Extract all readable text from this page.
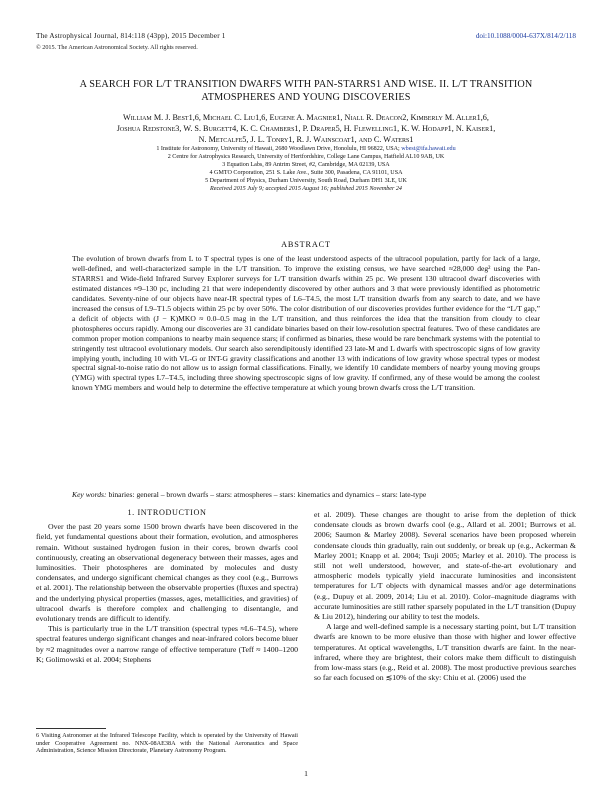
The Astrophysical Journal, 814:118 (43pp), 2015 December 1	doi:10.1088/0004-637X/814/2/118
© 2015. The American Astronomical Society. All rights reserved.
A SEARCH FOR L/T TRANSITION DWARFS WITH PAN-STARRS1 AND WISE. II. L/T TRANSITION
ATMOSPHERES AND YOUNG DISCOVERIES
William M. J. Best1,6, Michael C. Liu1,6, Eugene A. Magnier1, Niall R. Deacon2, Kimberly M. Aller1,6,
Joshua Redstone3, W. S. Burgett4, K. C. Chambers1, P. Draper5, H. Flewelling1, K. W. Hodapp1, N. Kaiser1,
N. Metcalfe5, J. L. Tonry1, R. J. Wainscoat1, and C. Waters1
1 Institute for Astronomy, University of Hawaii, 2680 Woodlawn Drive, Honolulu, HI 96822, USA; wbest@ifa.hawaii.edu
2 Centre for Astrophysics Research, University of Hertfordshire, College Lane Campus, Hatfield AL10 9AB, UK
3 Equation Labs, 89 Antrim Street, #2, Cambridge, MA 02139, USA
4 GMTO Corporation, 251 S. Lake Ave., Suite 300, Pasadena, CA 91101, USA
5 Department of Physics, Durham University, South Road, Durham DH1 3LE, UK
Received 2015 July 9; accepted 2015 August 16; published 2015 November 24
ABSTRACT
The evolution of brown dwarfs from L to T spectral types is one of the least understood aspects of the ultracool population, partly for lack of a large, well-defined, and well-characterized sample in the L/T transition. To improve the existing census, we have searched ≈28,000 deg² using the Pan-STARRS1 and Wide-field Infrared Survey Explorer surveys for L/T transition dwarfs within 25 pc. We present 130 ultracool dwarf discoveries with estimated distances ≈9–130 pc, including 21 that were independently discovered by other authors and 3 that were previously identified as photometric candidates. Seventy-nine of our objects have near-IR spectral types of L6–T4.5, the most L/T transition dwarfs from any search to date, and we have increased the census of L9–T1.5 objects within 25 pc by over 50%. The color distribution of our discoveries provides further evidence for the “L/T gap,” a deficit of objects with (J − K)MKO ≈ 0.0–0.5 mag in the L/T transition, and thus reinforces the idea that the transition from cloudy to clear photospheres occurs rapidly. Among our discoveries are 31 candidate binaries based on their low-resolution spectral features. Two of these candidates are common proper motion companions to nearby main sequence stars; if confirmed as binaries, these would be rare benchmark systems with the potential to stringently test ultracool evolutionary models. Our search also serendipitously identified 23 late-M and L dwarfs with spectroscopic signs of low gravity implying youth, including 10 with VL-G or INT-G gravity classifications and another 13 with indications of low gravity whose spectral types or modest spectral signal-to-noise ratio do not allow us to assign formal classifications. Finally, we identify 10 candidate members of nearby young moving groups (YMG) with spectral types L7–T4.5, including three showing spectroscopic signs of low gravity. If confirmed, any of these would be among the coolest known YMG members and would help to determine the effective temperature at which young brown dwarfs cross the L/T transition.
Key words: binaries: general – brown dwarfs – stars: atmospheres – stars: kinematics and dynamics – stars: late-type
1. INTRODUCTION

Over the past 20 years some 1500 brown dwarfs have been discovered in the field, yet fundamental questions about their formation, evolution, and atmospheres remain. Without sustained hydrogen fusion in their cores, brown dwarfs cool continuously, creating an observational degeneracy between their masses, ages and luminosities. Their photospheres are dominated by molecules and dusty condensates, and undergo significant chemical changes as they cool (e.g., Burrows et al. 2001). The relationship between the observable properties (fluxes and spectra) and the underlying physical properties (masses, ages, metallicities, and gravities) of ultracool dwarfs is therefore complex and challenging to disentangle, and evolutionary trends are difficult to identify.

This is particularly true in the L/T transition (spectral types ≈L6–T4.5), where spectral features undergo significant changes and near-infrared colors become bluer by ≈2 magnitudes over a narrow range of effective temperature (Teff ≈ 1400–1200 K; Golimowski et al. 2004; Stephens

et al. 2009). These changes are thought to arise from the depletion of thick condensate clouds as brown dwarfs cool (e.g., Allard et al. 2001; Burrows et al. 2006; Saumon & Marley 2008). Several scenarios have been proposed wherein condensate clouds thin gradually, rain out suddenly, or break up (e.g., Ackerman & Marley 2001; Knapp et al. 2004; Tsuji 2005; Marley et al. 2010). The process is still not well understood, however, and state-of-the-art evolutionary and atmospheric models typically yield inaccurate luminosities and inconsistent temperatures for L/T objects with dynamical masses and/or age determinations (e.g., Dupuy et al. 2009, 2014; Liu et al. 2010). Color–magnitude diagrams with accurate luminosities are still rather sparsely populated in the L/T transition (Dupuy & Liu 2012), hindering our ability to test the models.

A large and well-defined sample is a necessary starting point, but L/T transition dwarfs are known to be more elusive than those with higher and lower effective temperatures. At optical wavelengths, L/T transition dwarfs are faint. In the near-infrared, where they are brightest, their colors make them difficult to distinguish from low-mass stars (e.g., Reid et al. 2008). The most productive previous searches so far each focused on ≲10% of the sky: Chiu et al. (2006) used the

6 Visiting Astronomer at the Infrared Telescope Facility, which is operated by the University of Hawaii under Cooperative Agreement no. NNX-08AE38A with the National Aeronautics and Space Administration, Science Mission Directorate, Planetary Astronomy Program.
1
